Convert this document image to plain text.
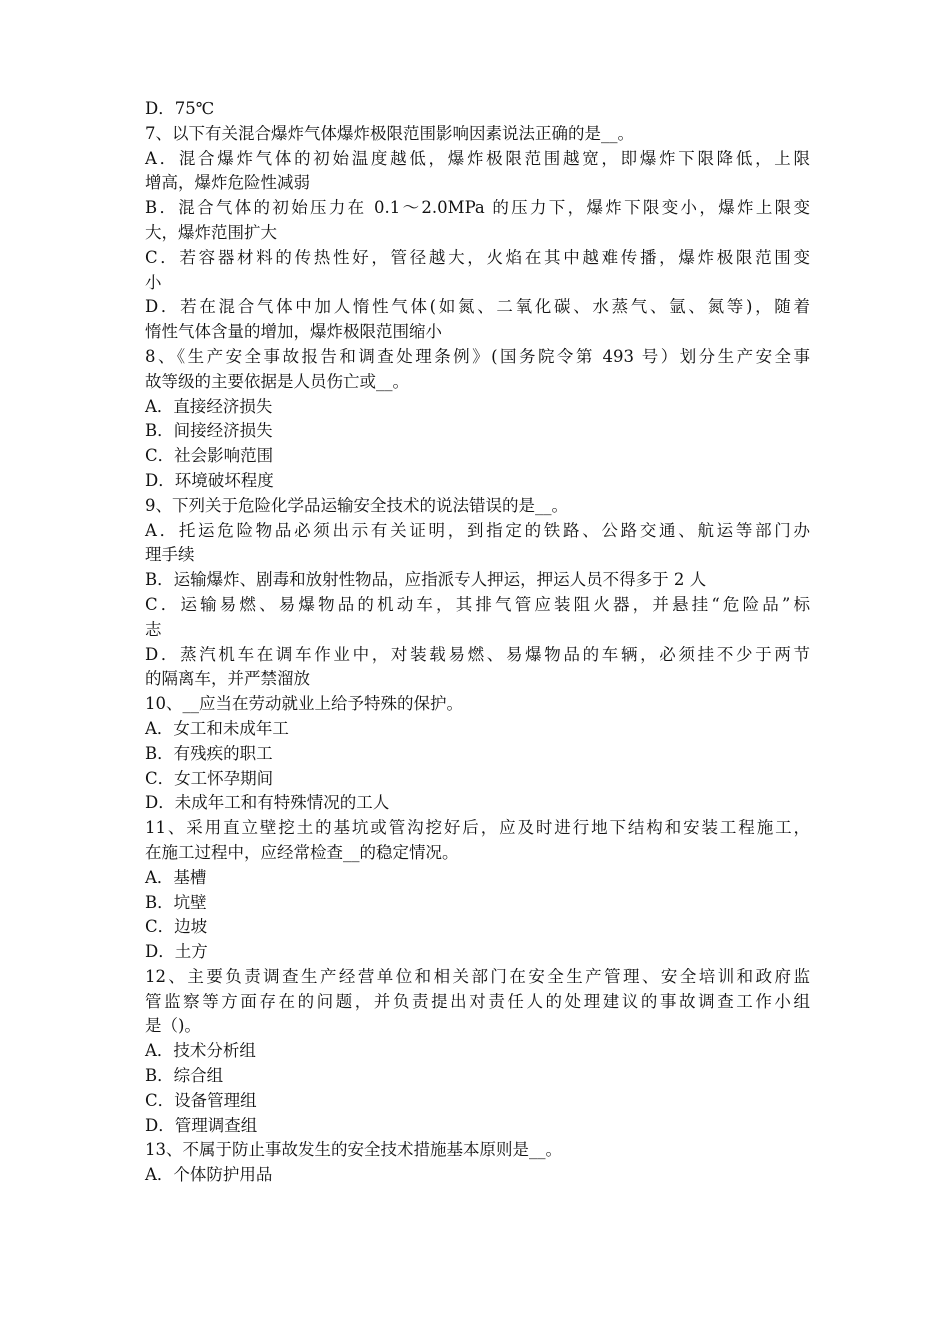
D．75℃
7、以下有关混合爆炸气体爆炸极限范围影响因素说法正确的是__。
A．混合爆炸气体的初始温度越低，爆炸极限范围越宽，即爆炸下限降低，上限
增高，爆炸危险性减弱
B．混合气体的初始压力在 0.1～2.0MPa 的压力下，爆炸下限变小，爆炸上限变
大，爆炸范围扩大
C．若容器材料的传热性好，管径越大，火焰在其中越难传播，爆炸极限范围变
小
D．若在混合气体中加人惰性气体(如氮、二氧化碳、水蒸气、氩、氮等)，随着
惰性气体含量的增加，爆炸极限范围缩小
8、《生产安全事故报告和调查处理条例》(国务院令第 493 号）划分生产安全事
故等级的主要依据是人员伤亡或__。
A．直接经济损失
B．间接经济损失
C．社会影响范围
D．环境破坏程度
9、下列关于危险化学品运输安全技术的说法错误的是__。
A．托运危险物品必须出示有关证明，到指定的铁路、公路交通、航运等部门办
理手续
B．运输爆炸、剧毒和放射性物品，应指派专人押运，押运人员不得多于 2 人
C．运输易燃、易爆物品的机动车，其排气管应装阻火器，并悬挂“危险品”标
志
D．蒸汽机车在调车作业中，对装载易燃、易爆物品的车辆，必须挂不少于两节
的隔离车，并严禁溜放
10、__应当在劳动就业上给予特殊的保护。
A．女工和未成年工
B．有残疾的职工
C．女工怀孕期间
D．未成年工和有特殊情况的工人
11、采用直立壁挖土的基坑或管沟挖好后，应及时进行地下结构和安装工程施工，
在施工过程中，应经常检查__的稳定情况。
A．基槽
B．坑壁
C．边坡
D．土方
12、主要负责调查生产经营单位和相关部门在安全生产管理、安全培训和政府监
管监察等方面存在的问题，并负责提出对责任人的处理建议的事故调查工作小组
是（)。
A．技术分析组
B．综合组
C．设备管理组
D．管理调查组
13、不属于防止事故发生的安全技术措施基本原则是__。
A．个体防护用品
